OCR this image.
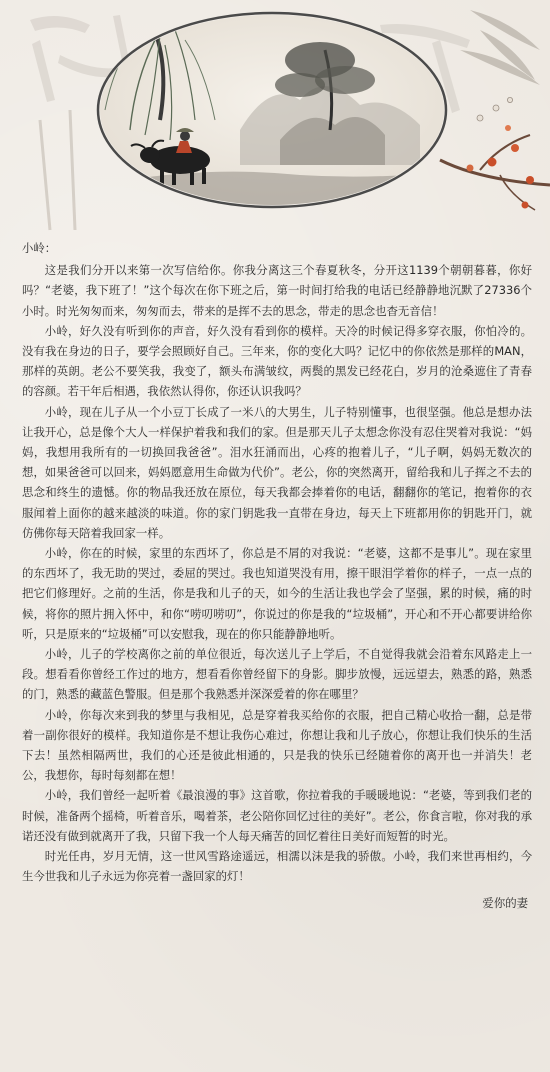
小岭：

这是我们分开以来第一次写信给你。你我分离这三个春夏秋冬，分开这1139个朝朝暮暮，你好吗？“老婆，我下班了！”这个每次在你下班之后，第一时间打给我的电话已经静静地沉默了27336个小时。时光匆匆而来，匆匆而去，带来的是挥不去的思念，带走的思念也杳无音信！

小岭，好久没有听到你的声音，好久没有看到你的模样。天冷的时候记得多穿衣服，你怕冷的。没有我在身边的日子，要学会照顾好自己。三年来，你的变化大吗？记忆中的你依然是那样的MAN，那样的英朗。老公不要笑我，我变了，额头布满皱纹，两鬓的黑发已经花白，岁月的沧桑遮住了青春的容颜。若干年后相遇，我依然认得你，你还认识我吗？

小岭，现在儿子从一个小豆丁长成了一米八的大男生，儿子特别懂事，也很坚强。他总是想办法让我开心，总是像个大人一样保护着我和我们的家。但是那天儿子太想念你没有忍住哭着对我说：“妈妈，我想用我所有的一切换回我爸爸”。泪水狂涌而出，心疼的抱着儿子，“儿子啊，妈妈无数次的想，如果爸爸可以回来，妈妈愿意用生命做为代价”。老公，你的突然离开，留给我和儿子挥之不去的思念和终生的遗憾。你的物品我还放在原位，每天我都会捧着你的电话，翻翻你的笔记，抱着你的衣服闻着上面你的越来越淡的味道。你的家门钥匙我一直带在身边，每天上下班都用你的钥匙开门，就仿佛你每天陪着我回家一样。

小岭，你在的时候，家里的东西坏了，你总是不屑的对我说：“老婆，这都不是事儿”。现在家里的东西坏了，我无助的哭过，委屈的哭过。我也知道哭没有用，擦干眼泪学着你的样子，一点一点的把它们修理好。之前的生活，你是我和儿子的天，如今的生活让我也学会了坚强，累的时候，痛的时候，将你的照片拥入怀中，和你“唠叨唠叨”，你说过的你是我的“垃圾桶”，开心和不开心都要讲给你听，只是原来的“垃圾桶”可以安慰我，现在的你只能静静地听。

小岭，儿子的学校离你之前的单位很近，每次送儿子上学后，不自觉得我就会沿着东风路走上一段。想看看你曾经工作过的地方，想看看你曾经留下的身影。脚步放慢，远远望去，熟悉的路，熟悉的门，熟悉的藏蓝色警服。但是那个我熟悉并深深爱着的你在哪里？

小岭，你每次来到我的梦里与我相见，总是穿着我买给你的衣服，把自己精心收拾一翻，总是带着一副你很好的模样。我知道你是不想让我伤心难过，你想让我和儿子放心，你想让我们快乐的生活下去！虽然相隔两世，我们的心还是彼此相通的，只是我的快乐已经随着你的离开也一并消失！老公，我想你，每时每刻都在想！

小岭，我们曾经一起听着《最浪漫的事》这首歌，你拉着我的手暖暖地说：“老婆，等到我们老的时候，准备两个摇椅，听着音乐，喝着茶，老公陪你回忆过往的美好”。老公，你食言啦，你对我的承诺还没有做到就离开了我，只留下我一个人每天痛苦的回忆着往日美好而短暂的时光。

时光任冉，岁月无情，这一世风雪路途遥远，相濡以沫是我的骄傲。小岭，我们来世再相约，今生今世我和儿子永远为你亮着一盏回家的灯！

爱你的妻
